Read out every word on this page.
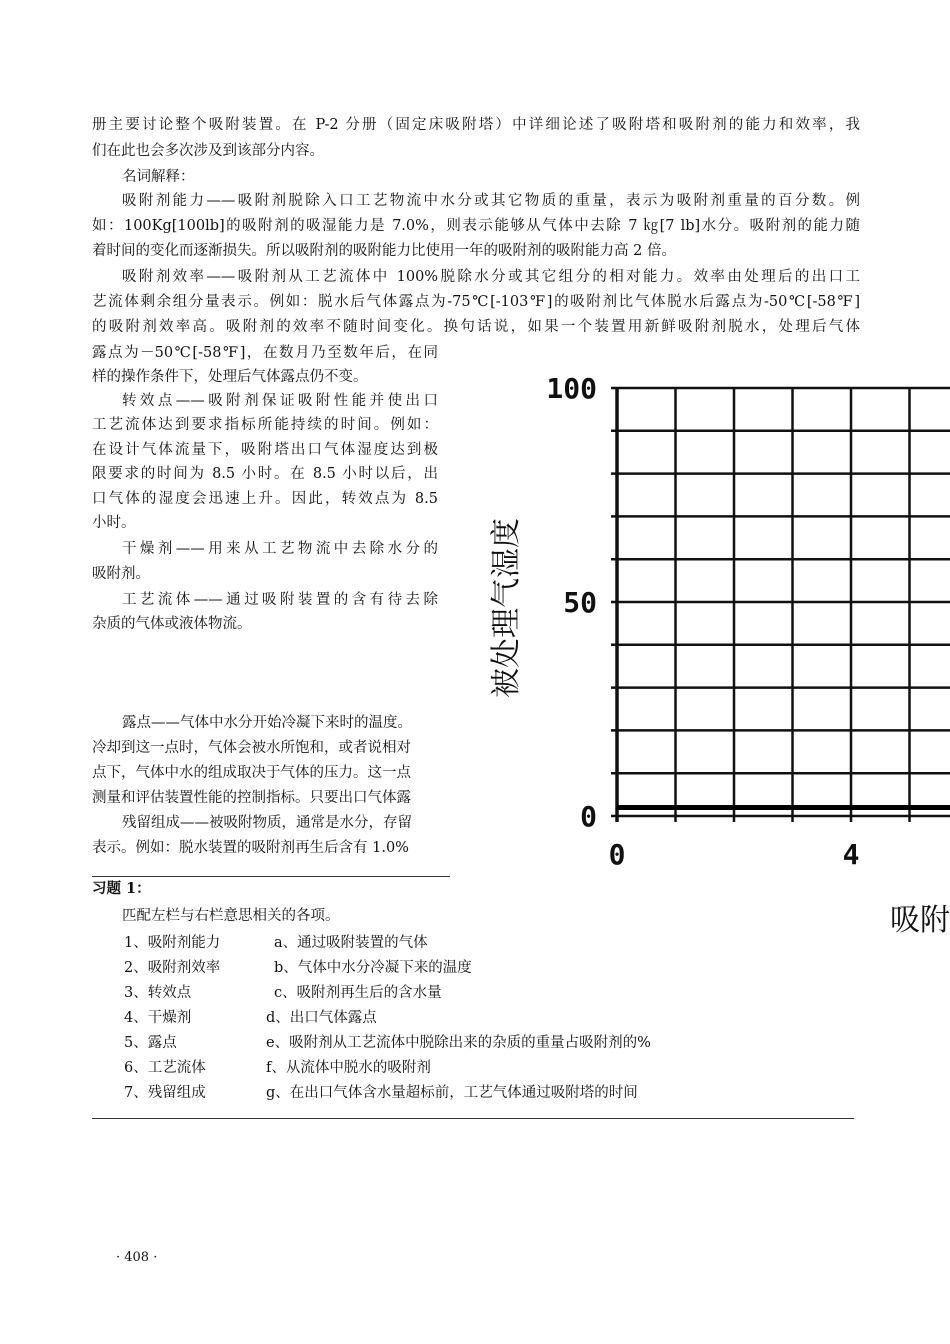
册主要讨论整个吸附装置。在 P-2 分册（固定床吸附塔）中详细论述了吸附塔和吸附剂的能力和效率，我
们在此也会多次涉及到该部分内容。
名词解释：
吸附剂能力——吸附剂脱除入口工艺物流中水分或其它物质的重量，表示为吸附剂重量的百分数。例
如：100Kg[100lb]的吸附剂的吸湿能力是 7.0%，则表示能够从气体中去除 7 ㎏[7 lb]水分。吸附剂的能力随
着时间的变化而逐渐损失。所以吸附剂的吸附能力比使用一年的吸附剂的吸附能力高 2 倍。
吸附剂效率——吸附剂从工艺流体中 100%脱除水分或其它组分的相对能力。效率由处理后的出口工
艺流体剩余组分量表示。例如：脱水后气体露点为-75℃[-103℉]的吸附剂比气体脱水后露点为-50℃[-58℉]
的吸附剂效率高。吸附剂的效率不随时间变化。换句话说，如果一个装置用新鲜吸附剂脱水，处理后气体
露点为－50℃[-58℉]，在数月乃至数年后，在同
样的操作条件下，处理后气体露点仍不变。
转效点——吸附剂保证吸附性能并使出口
工艺流体达到要求指标所能持续的时间。例如：
在设计气体流量下，吸附塔出口气体湿度达到极
限要求的时间为 8.5 小时。在 8.5 小时以后，出
口气体的湿度会迅速上升。因此，转效点为 8.5
小时。
干燥剂——用来从工艺物流中去除水分的
吸附剂。
工艺流体——通过吸附装置的含有待去除
杂质的气体或液体物流。
露点——气体中水分开始冷凝下来时的温度。
冷却到这一点时，气体会被水所饱和，或者说相对
点下，气体中水的组成取决于气体的压力。这一点
测量和评估装置性能的控制指标。只要出口气体露
残留组成——被吸附物质，通常是水分，存留
表示。例如：脱水装置的吸附剂再生后含有 1.0%
习题 1：
匹配左栏与右栏意思相关的各项。
1、吸附剂能力	a、通过吸附装置的气体
2、吸附剂效率	b、气体中水分冷凝下来的温度
3、转效点	c、吸附剂再生后的含水量
4、干燥剂	d、出口气体露点
5、露点	e、吸附剂从工艺流体中脱除出来的杂质的重量占吸附剂的%
6、工艺流体	f、从流体中脱水的吸附剂
7、残留组成	g、在出口气体含水量超标前，工艺气体通过吸附塔的时间
· 408 ·
100
50
0
0	4
被处理气湿度
吸附
